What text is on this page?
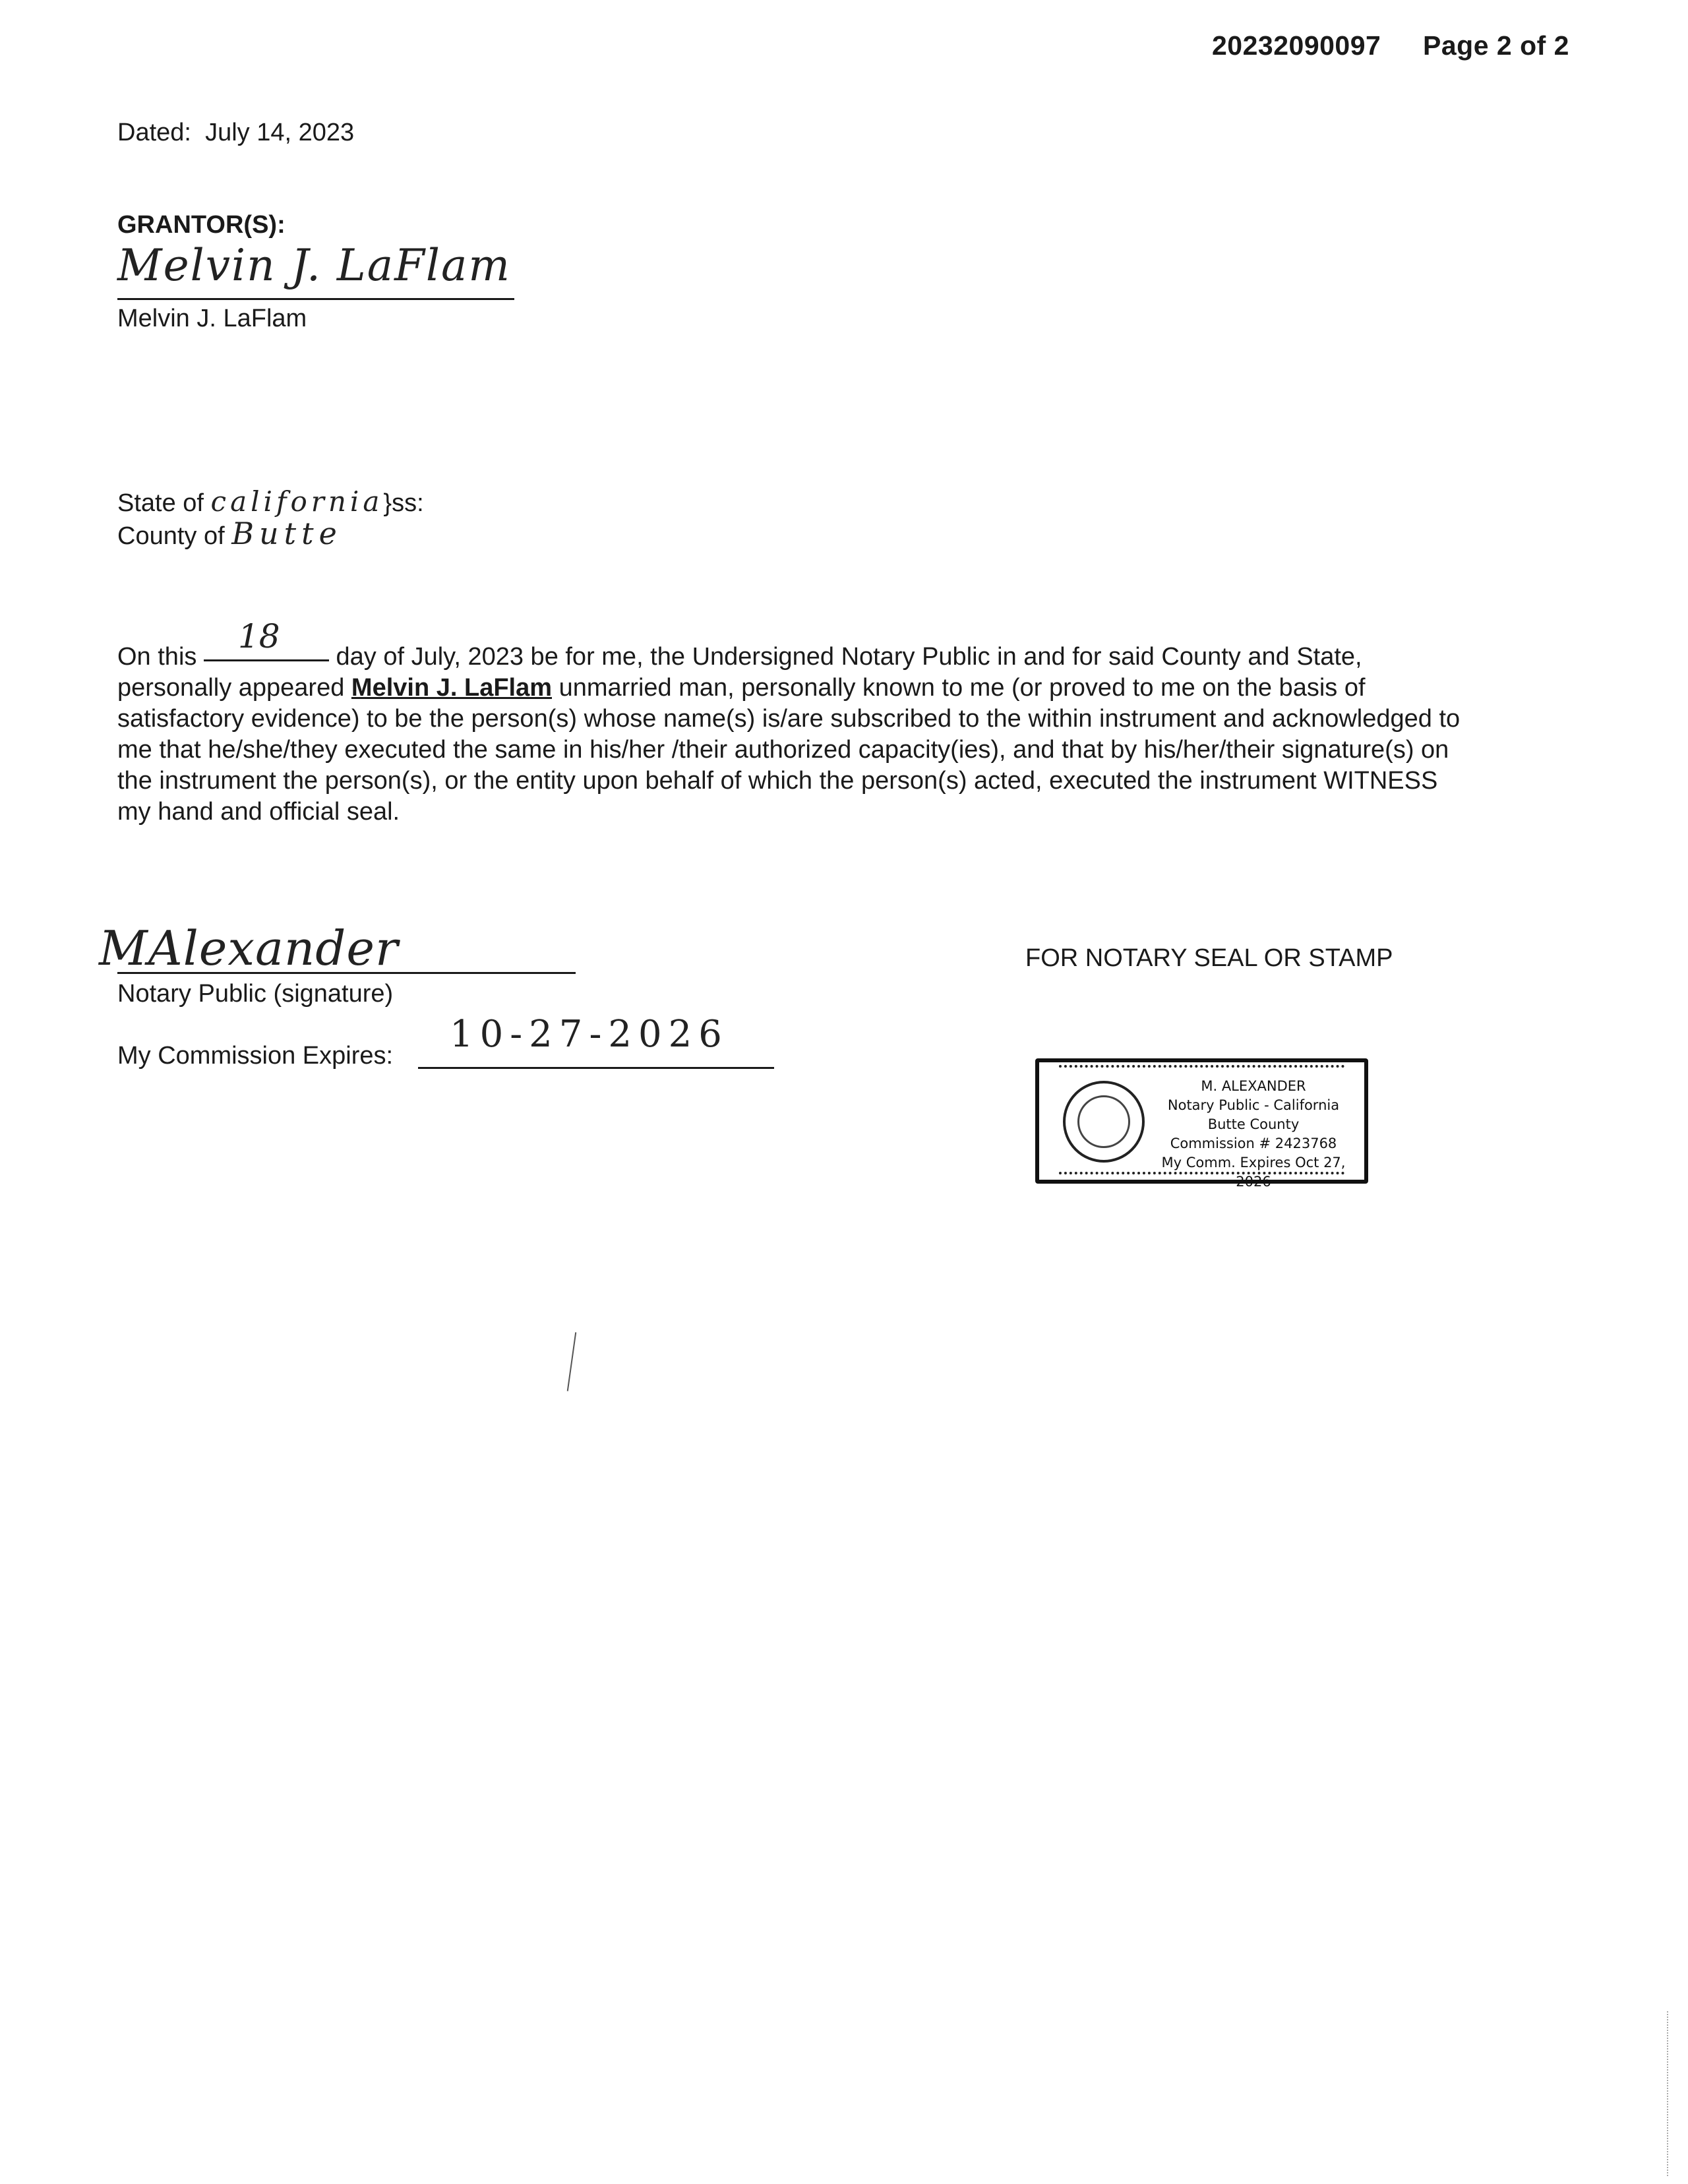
20232090097 Page 2 of 2
Dated: July 14, 2023
GRANTOR(S):
Melvin J. LaFlam
Melvin J. LaFlam
State of california}ss:
County of Butte
On this 18 day of July, 2023 be for me, the Undersigned Notary Public in and for said County and State,
personally appeared Melvin J. LaFlam unmarried man, personally known to me (or proved to me on the basis of
satisfactory evidence) to be the person(s) whose name(s) is/are subscribed to the within instrument and acknowledged to
me that he/she/they executed the same in his/her /their authorized capacity(ies), and that by his/her/their signature(s) on
the instrument the person(s), or the entity upon behalf of which the person(s) acted, executed the instrument WITNESS
my hand and official seal.
MAlexander
Notary Public (signature)
My Commission Expires: 10-27-2026
FOR NOTARY SEAL OR STAMP
M. ALEXANDER
Notary Public - California
Butte County
Commission # 2423768
My Comm. Expires Oct 27, 2026
